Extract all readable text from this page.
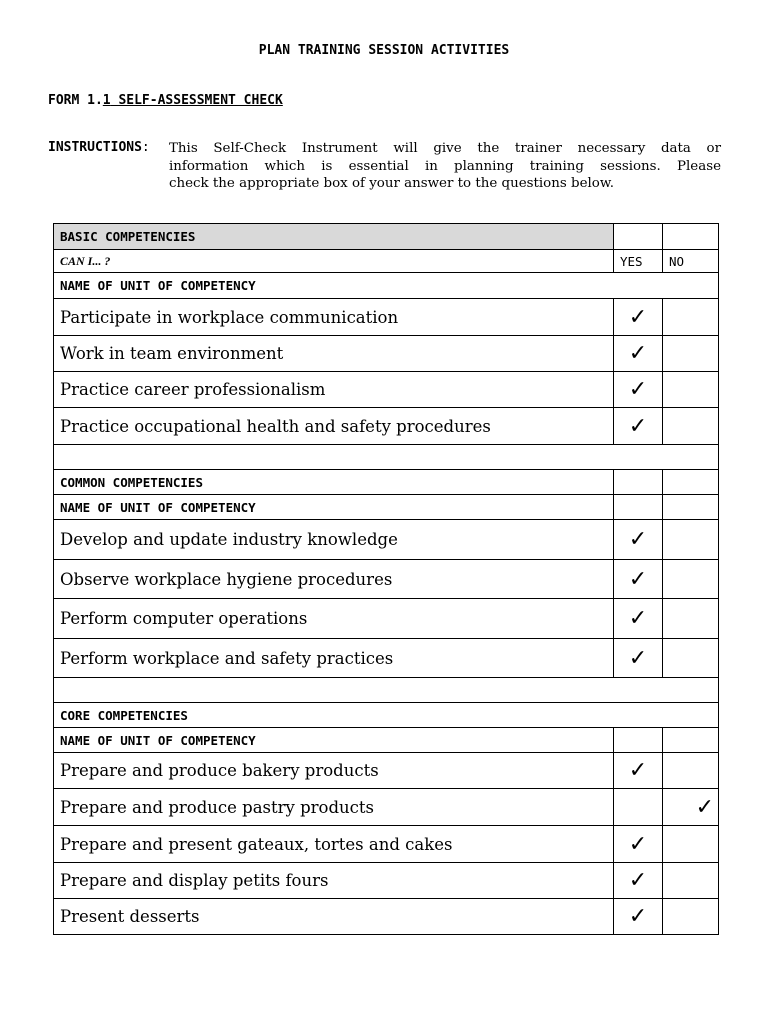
PLAN TRAINING SESSION ACTIVITIES
FORM 1.1 SELF-ASSESSMENT CHECK
INSTRUCTIONS: This Self-Check Instrument will give the trainer necessary data or
information which is essential in planning training sessions. Please
check the appropriate box of your answer to the questions below.
BASIC COMPETENCIES		
CAN I... ?	YES	NO
NAME OF UNIT OF COMPETENCY		
Participate in workplace communication	✓	
Work in team environment	✓	
Practice career professionalism	✓	
Practice occupational health and safety procedures	✓	

COMMON COMPETENCIES		
NAME OF UNIT OF COMPETENCY		
Develop and update industry knowledge	✓	
Observe workplace hygiene procedures	✓	
Perform computer operations	✓	
Perform workplace and safety practices	✓	

CORE COMPETENCIES		
NAME OF UNIT OF COMPETENCY		
Prepare and produce bakery products	✓	
Prepare and produce pastry products		✓
Prepare and present gateaux, tortes and cakes	✓	
Prepare and display petits fours	✓	
Present desserts	✓	
